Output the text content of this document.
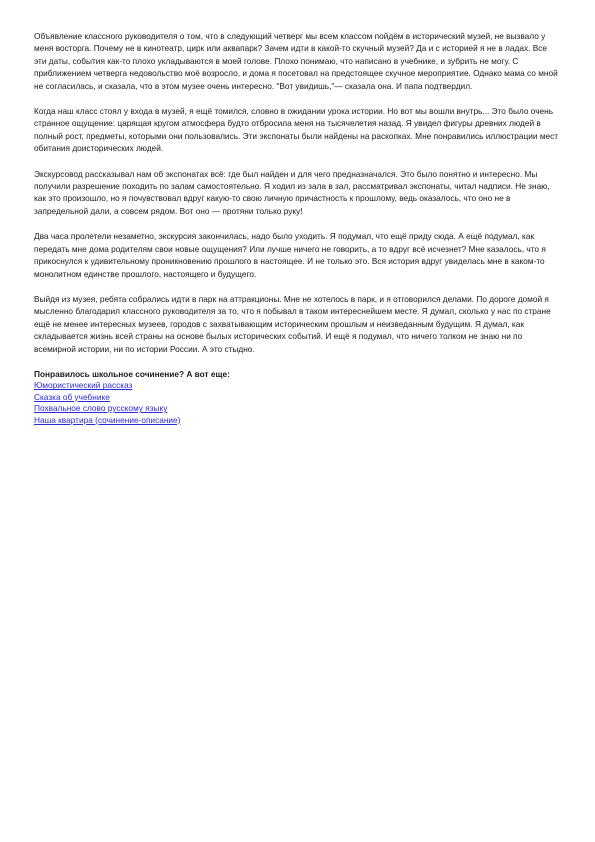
Объявление классного руководителя о том, что в следующий четверг мы всем классом пойдём в исторический музей, не вызвало у меня восторга. Почему не в кинотеатр, цирк или аквапарк? Зачем идти в какой-то скучный музей? Да и с историей я не в ладах. Все эти даты, события как-то плохо укладываются в моей голове. Плохо понимаю, что написано в учебнике, и зубрить не могу. С приближением четверга недовольство моё возросло, и дома я посетовал на предстоящее скучное мероприятие. Однако мама со мной не согласилась, и сказала, что в этом музее очень интересно. "Вот увидишь,"— сказала она. И папа подтвердил.

Когда наш класс стоял у входа в музей, я ещё томился, словно в ожидании урока истории. Но вот мы вошли внутрь... Это было очень странное ощущение: царящая кругом атмосфера будто отбросила меня на тысячелетия назад. Я увидел фигуры древних людей в полный рост, предметы, которыми они пользовались. Эти экспонаты были найдены на раскопках. Мне понравились иллюстрации мест обитания доисторических людей.

Экскурсовод рассказывал нам об экспонатах всё: где был найден и для чего предназначался. Это было понятно и интересно. Мы получили разрешение походить по залам самостоятельно. Я ходил из зала в зал, рассматривал экспонаты, читал надписи. Не знаю, как это произошло, но я почувствовал вдруг какую-то свою личную причастность к прошлому, ведь оказалось, что оно не в запредельной дали, а совсем рядом. Вот оно — протяни только руку!

Два часа пролетели незаметно, экскурсия закончилась, надо было уходить. Я подумал, что ещё приду сюда. А ещё подумал, как передать мне дома родителям свои новые ощущения? Или лучше ничего не говорить, а то вдруг всё исчезнет? Мне казалось, что я прикоснулся к удивительному проникновению прошлого в настоящее. И не только это. Вся история вдруг увиделась мне в каком-то монолитном единстве прошлого, настоящего и будущего.

Выйдя из музея, ребята собрались идти в парк на аттракционы. Мне не хотелось в парк, и я отговорился делами. По дороге домой я мысленно благодарил классного руководителя за то, что я побывал в таком интереснейшем месте. Я думал, сколько у нас по стране ещё не менее интересных музеев, городов с захватывающим историческим прошлым и неизведанным будущим. Я думал, как складывается жизнь всей страны на основе былых исторических событий. И ещё я подумал, что ничего толком не знаю ни по всемирной истории, ни по истории России. А это стыдно.

Понравилось школьное сочинение? А вот еще:

Юмористический рассказ
Сказка об учебнике
Похвальное слово русскому языку
Наша квартира (сочинение-описание)
